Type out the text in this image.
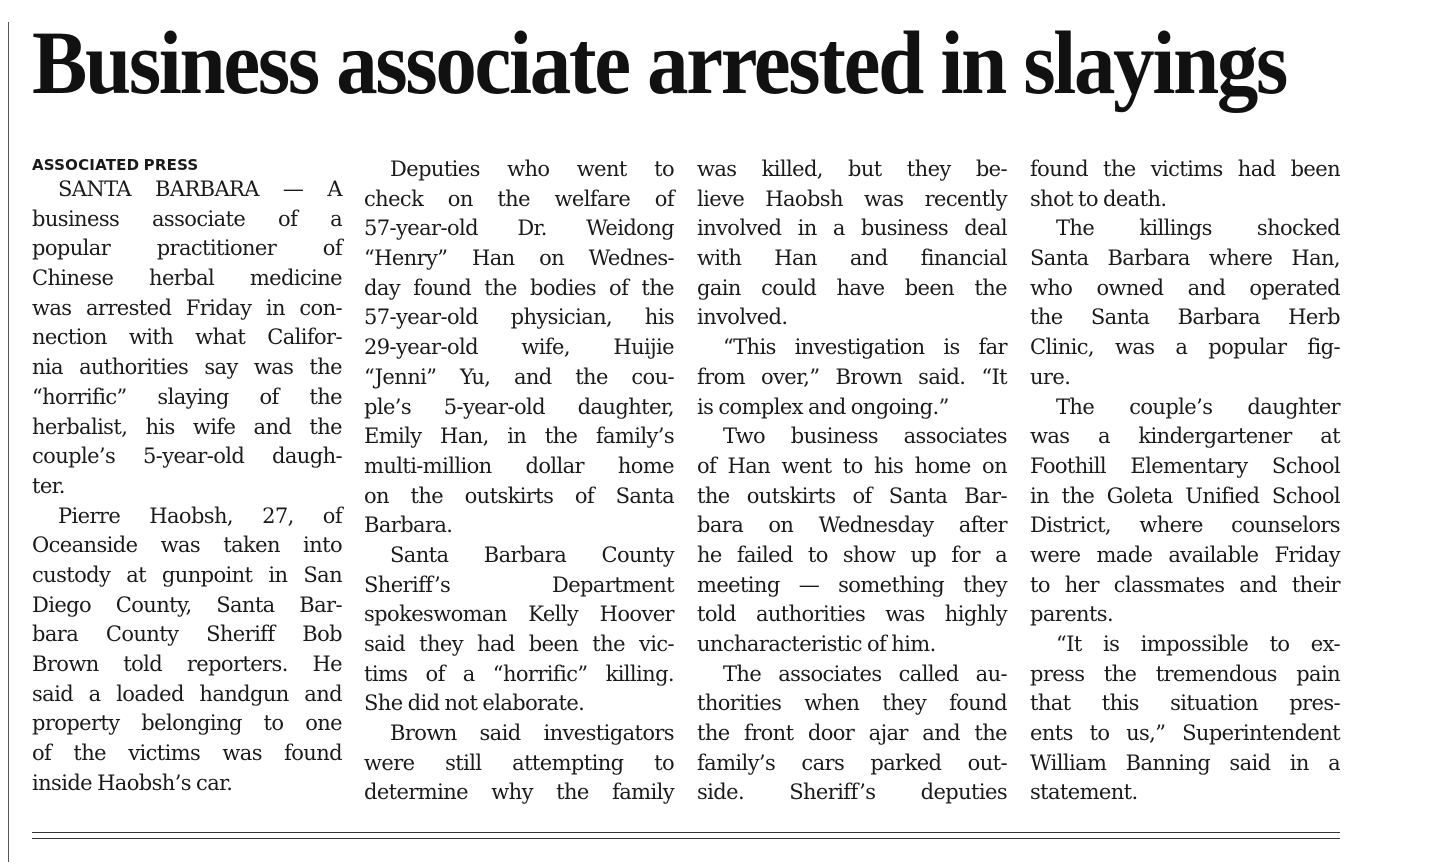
Business associate arrested in slayings
ASSOCIATED PRESS
SANTA BARBARA — A
business associate of a
popular practitioner of
Chinese herbal medicine
was arrested Friday in con-
nection with what Califor-
nia authorities say was the
“horrific” slaying of the
herbalist, his wife and the
couple’s 5-year-old daugh-
ter.
Pierre Haobsh, 27, of
Oceanside was taken into
custody at gunpoint in San
Diego County, Santa Bar-
bara County Sheriff Bob
Brown told reporters. He
said a loaded handgun and
property belonging to one
of the victims was found
inside Haobsh’s car.
Deputies who went to
check on the welfare of
57-year-old Dr. Weidong
“Henry” Han on Wednes-
day found the bodies of the
57-year-old physician, his
29-year-old wife, Huijie
“Jenni” Yu, and the cou-
ple’s 5-year-old daughter,
Emily Han, in the family’s
multi-million dollar home
on the outskirts of Santa
Barbara.
Santa Barbara County
Sheriff’s Department
spokeswoman Kelly Hoover
said they had been the vic-
tims of a “horrific” killing.
She did not elaborate.
Brown said investigators
were still attempting to
determine why the family
was killed, but they be-
lieve Haobsh was recently
involved in a business deal
with Han and financial
gain could have been the
involved.
“This investigation is far
from over,” Brown said. “It
is complex and ongoing.”
Two business associates
of Han went to his home on
the outskirts of Santa Bar-
bara on Wednesday after
he failed to show up for a
meeting — something they
told authorities was highly
uncharacteristic of him.
The associates called au-
thorities when they found
the front door ajar and the
family’s cars parked out-
side. Sheriff’s deputies
found the victims had been
shot to death.
The killings shocked
Santa Barbara where Han,
who owned and operated
the Santa Barbara Herb
Clinic, was a popular fig-
ure.
The couple’s daughter
was a kindergartener at
Foothill Elementary School
in the Goleta Unified School
District, where counselors
were made available Friday
to her classmates and their
parents.
“It is impossible to ex-
press the tremendous pain
that this situation pres-
ents to us,” Superintendent
William Banning said in a
statement.
